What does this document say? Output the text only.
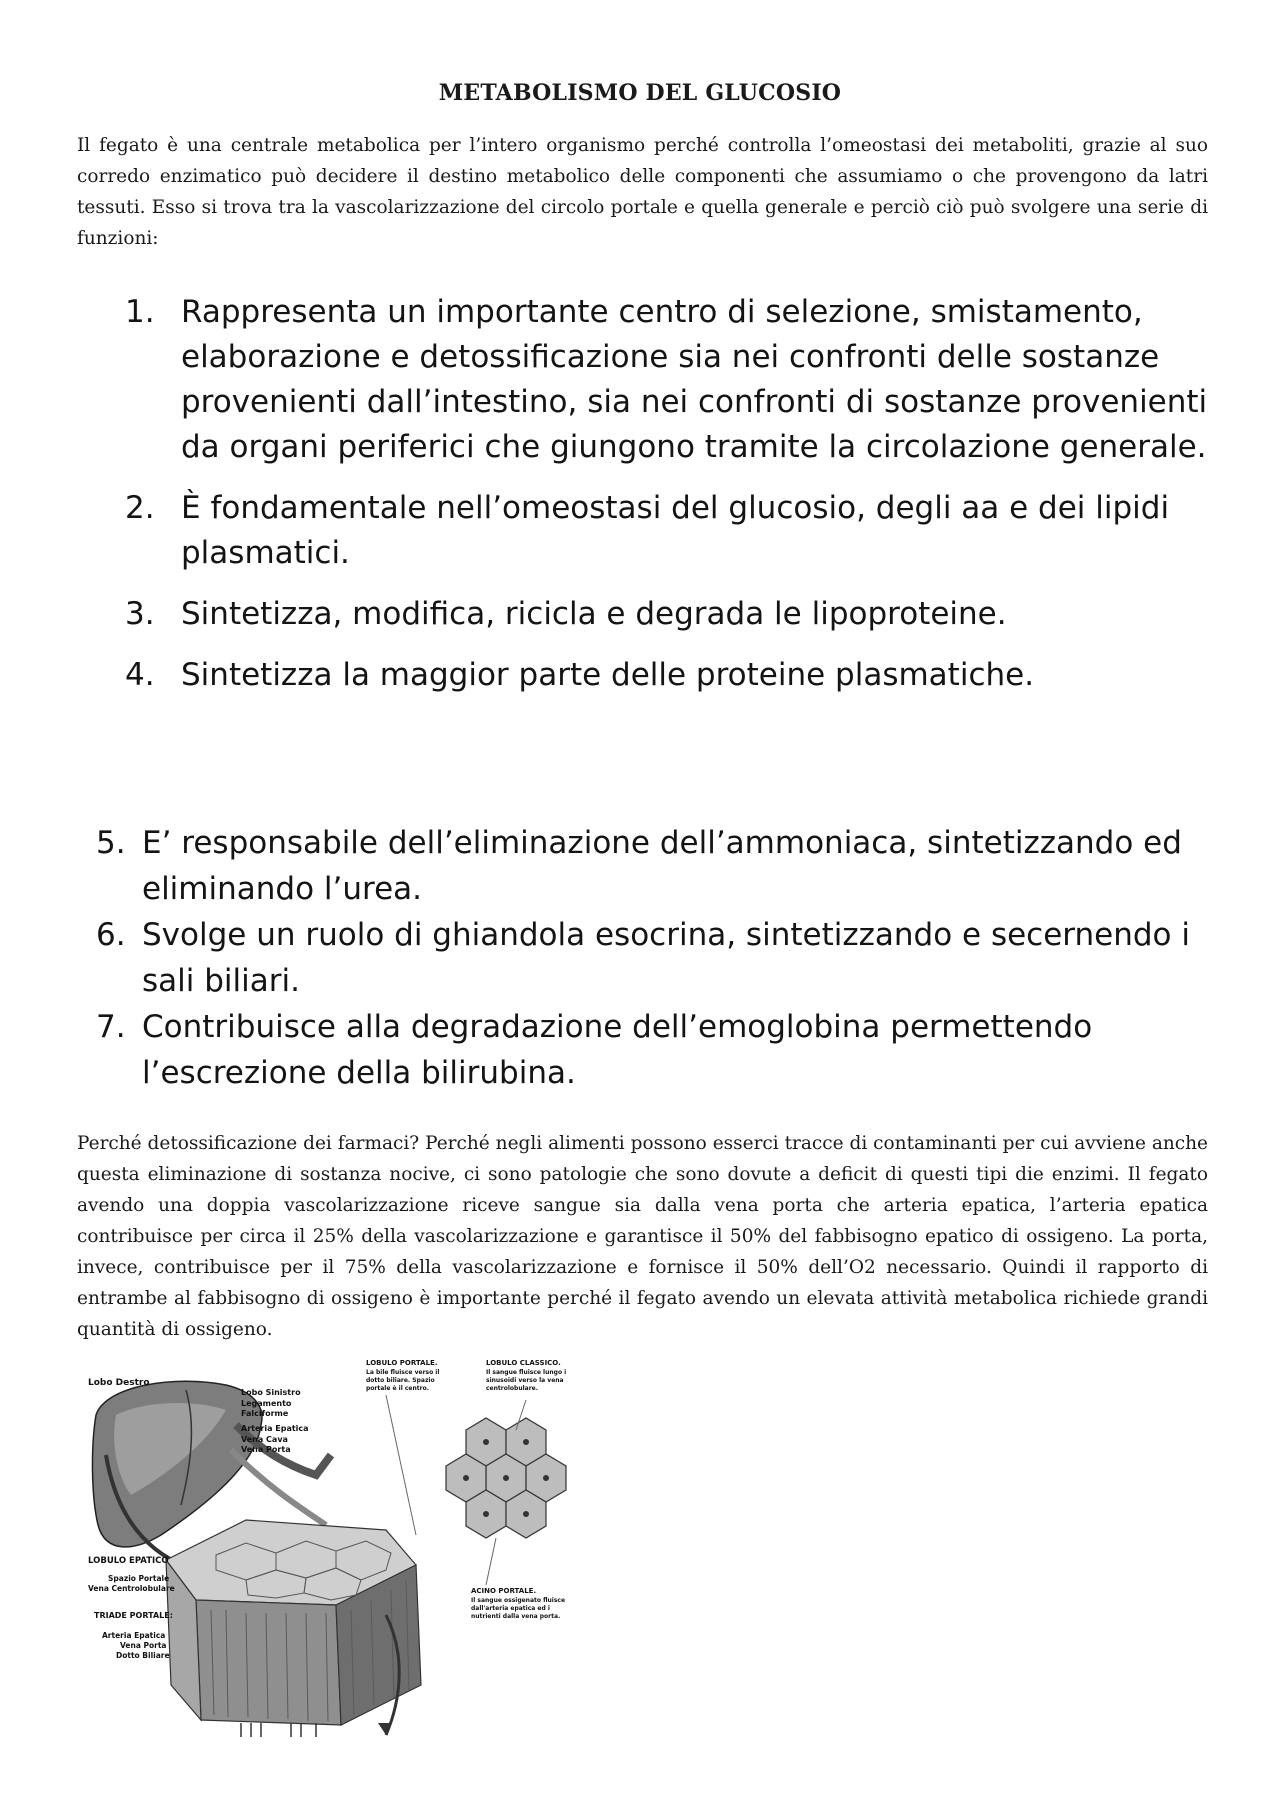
METABOLISMO DEL GLUCOSIO

Il fegato è una centrale metabolica per l’intero organismo perché controlla l’omeostasi dei metaboliti, grazie al suo corredo enzimatico può decidere il destino metabolico delle componenti che assumiamo o che provengono da latri tessuti. Esso si trova tra la vascolarizzazione del circolo portale e quella generale e perciò ciò può svolgere una serie di funzioni:

1. Rappresenta un importante centro di selezione, smistamento, elaborazione e detossificazione sia nei confronti delle sostanze provenienti dall’intestino, sia nei confronti di sostanze provenienti da organi periferici che giungono tramite la circolazione generale.
2. È fondamentale nell’omeostasi del glucosio, degli aa e dei lipidi plasmatici.
3. Sintetizza, modifica, ricicla e degrada le lipoproteine.
4. Sintetizza la maggior parte delle proteine plasmatiche.
5. E’ responsabile dell’eliminazione dell’ammoniaca, sintetizzando ed eliminando l’urea.
6. Svolge un ruolo di ghiandola esocrina, sintetizzando e secernendo i sali biliari.
7. Contribuisce alla degradazione dell’emoglobina permettendo l’escrezione della bilirubina.

Perché detossificazione dei farmaci? Perché negli alimenti possono esserci tracce di contaminanti per cui avviene anche questa eliminazione di sostanza nocive, ci sono patologie che sono dovute a deficit di questi tipi die enzimi. Il fegato avendo una doppia vascolarizzazione riceve sangue sia dalla vena porta che arteria epatica, l’arteria epatica contribuisce per circa il 25% della vascolarizzazione e garantisce il 50% del fabbisogno epatico di ossigeno. La porta, invece, contribuisce per il 75% della vascolarizzazione e fornisce il 50% dell’O2 necessario. Quindi il rapporto di entrambe al fabbisogno di ossigeno è importante perché il fegato avendo un elevata attività metabolica richiede grandi quantità di ossigeno.

Lobo Destro
Lobo Sinistro
Legamento
Falciforme
Arteria Epatica
Vena Cava
Vena Porta
LOBULO EPATICO
Spazio Portale
Vena Centrolobulare
TRIADE PORTALE:
Arteria Epatica
Vena Porta
Dotto Biliare
LOBULO PORTALE.
La bile fluisce verso il
dotto biliare. Spazio
portale è il centro.
LOBULO CLASSICO.
Il sangue fluisce lungo i
sinusoidi verso la vena
centrolobulare.
ACINO PORTALE.
Il sangue ossigenato fluisce
dall'arteria epatica ed i
nutrienti dalla vena porta.
